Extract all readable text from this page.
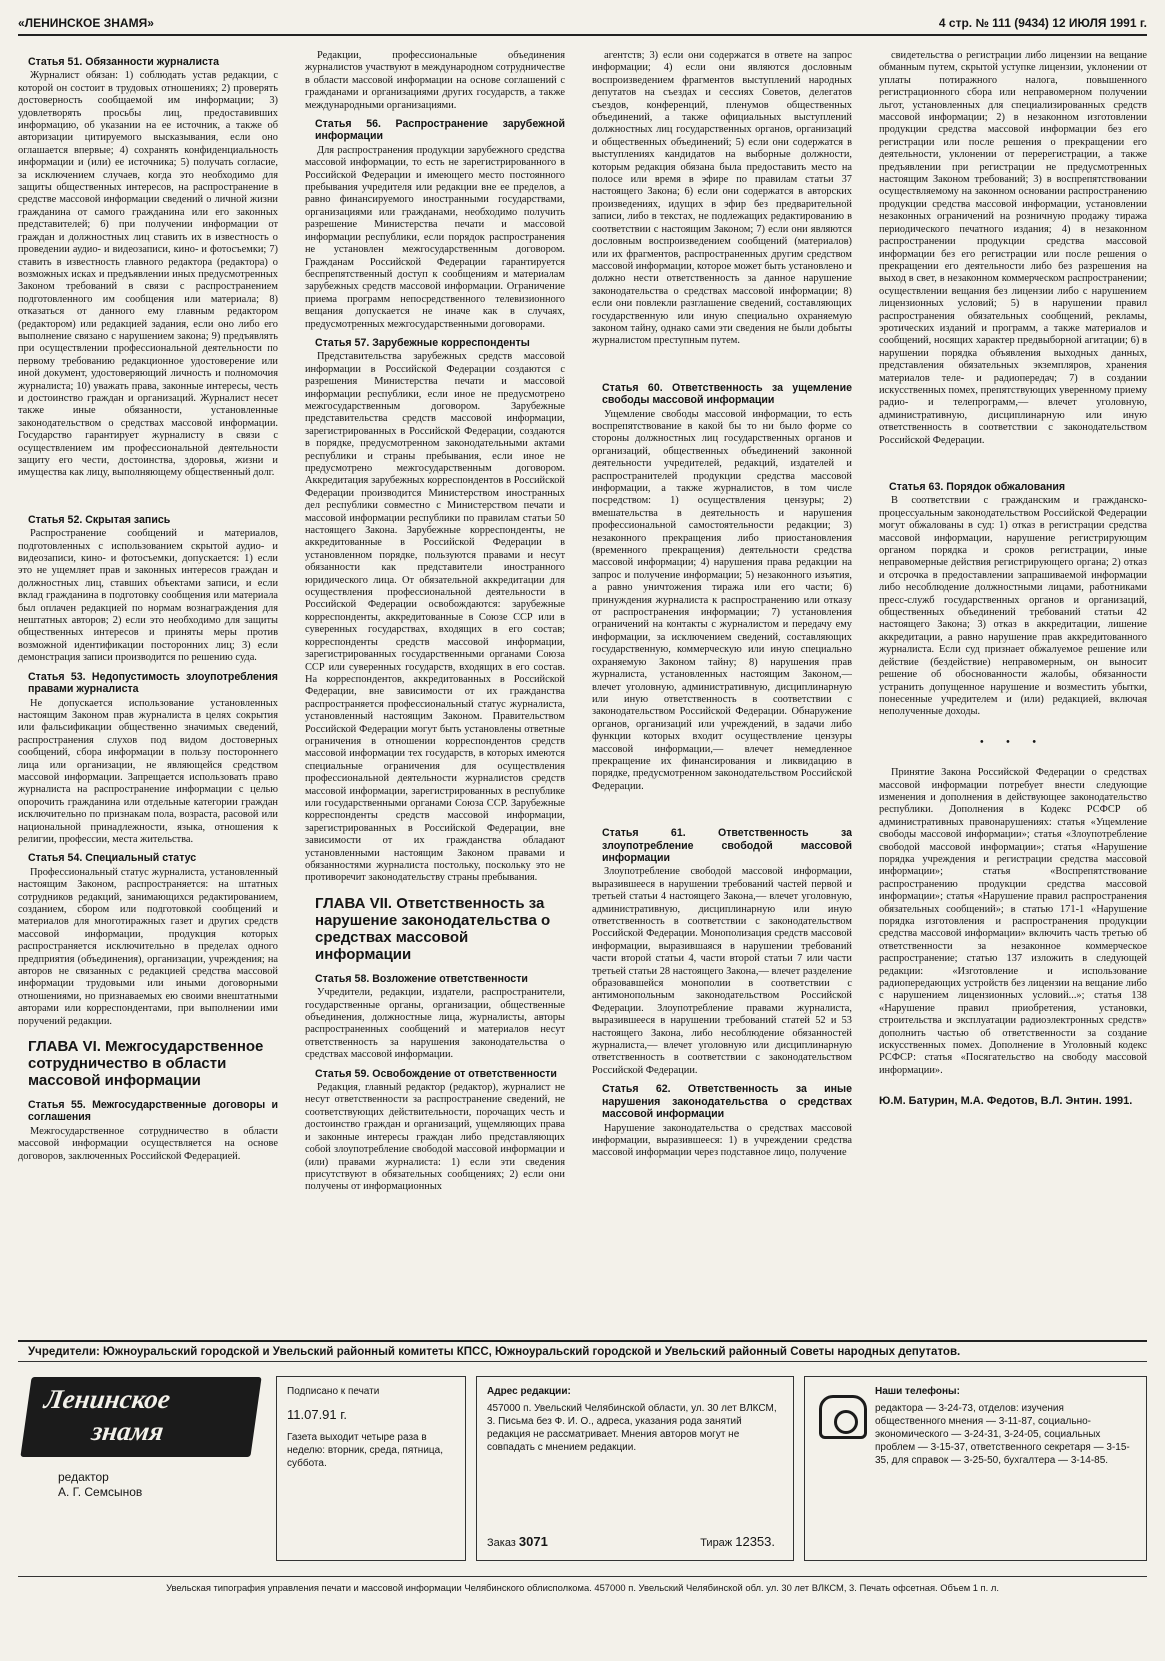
«ЛЕНИНСКОЕ ЗНАМЯ»	4 стр. № 111 (9434) 12 ИЮЛЯ 1991 г.
Статья 51. Обязанности журналиста

Журналист обязан: 1) соблюдать устав редакции, с которой он состоит в трудовых отношениях; 2) проверять достоверность сообщаемой им информации; 3) удовлетворять просьбы лиц, предоставивших информацию, об указании на ее источник, а также об авторизации цитируемого высказывания, если оно оглашается впервые; 4) сохранять конфиденциальность информации и (или) ее источника; 5) получать согласие, за исключением случаев, когда это необходимо для защиты общественных интересов, на распространение в средстве массовой информации сведений о личной жизни гражданина от самого гражданина или его законных представителей; 6) при получении информации от граждан и должностных лиц ставить их в известность о проведении аудио- и видеозаписи, кино- и фотосъемки; 7) ставить в известность главного редактора (редактора) о возможных исках и предъявлении иных предусмотренных Законом требований в связи с распространением подготовленного им сообщения или материала; 8) отказаться от данного ему главным редактором (редактором) или редакцией задания, если оно либо его выполнение связано с нарушением закона; 9) предъявлять при осуществлении профессиональной деятельности по первому требованию редакционное удостоверение или иной документ, удостоверяющий личность и полномочия журналиста; 10) уважать права, законные интересы, честь и достоинство граждан и организаций. Журналист несет также иные обязанности, установленные законодательством о средствах массовой информации. Государство гарантирует журналисту в связи с осуществлением им профессиональной деятельности защиту его чести, достоинства, здоровья, жизни и имущества как лицу, выполняющему общественный долг.

Статья 52. Скрытая запись

Распространение сообщений и материалов, подготовленных с использованием скрытой аудио- и видеозаписи, кино- и фотосъемки, допускается: 1) если это не ущемляет прав и законных интересов граждан и должностных лиц, ставших объектами записи, и если вклад гражданина в подготовку сообщения или материала был оплачен редакцией по нормам вознаграждения для нештатных авторов; 2) если это необходимо для защиты общественных интересов и приняты меры против возможной идентификации посторонних лиц; 3) если демонстрация записи производится по решению суда.

Статья 53. Недопустимость злоупотребления правами журналиста

Не допускается использование установленных настоящим Законом прав журналиста в целях сокрытия или фальсификации общественно значимых сведений, распространения слухов под видом достоверных сообщений, сбора информации в пользу постороннего лица или организации, не являющейся средством массовой информации. Запрещается использовать право журналиста на распространение информации с целью опорочить гражданина или отдельные категории граждан исключительно по признакам пола, возраста, расовой или национальной принадлежности, языка, отношения к религии, профессии, места жительства.

Статья 54. Специальный статус

Профессиональный статус журналиста, установленный настоящим Законом, распространяется: на штатных сотрудников редакций, занимающихся редактированием, созданием, сбором или подготовкой сообщений и материалов для многотиражных газет и других средств массовой информации, продукция которых распространяется исключительно в пределах одного предприятия (объединения), организации, учреждения; на авторов не связанных с редакцией средства массовой информации трудовыми или иными договорными отношениями, но признаваемых ею своими внештатными авторами или корреспондентами, при выполнении ими поручений редакции.

ГЛАВА VI. Межгосударственное сотрудничество в области массовой информации
Статья 55. Межгосударственные договоры и соглашения

Межгосударственное сотрудничество в области массовой информации осуществляется на основе договоров, заключенных Российской Федерацией.

Редакции, профессиональные объединения журналистов участвуют в международном сотрудничестве в области массовой информации на основе соглашений с гражданами и организациями других государств, а также международными организациями.

Статья 56. Распространение зарубежной информации

Для распространения продукции зарубежного средства массовой информации, то есть не зарегистрированного в Российской Федерации и имеющего место постоянного пребывания учредителя или редакции вне ее пределов, а равно финансируемого иностранными государствами, организациями или гражданами, необходимо получить разрешение Министерства печати и массовой информации республики, если порядок распространения не установлен межгосударственным договором. Гражданам Российской Федерации гарантируется беспрепятственный доступ к сообщениям и материалам зарубежных средств массовой информации. Ограничение приема программ непосредственного телевизионного вещания допускается не иначе как в случаях, предусмотренных межгосударственными договорами.

Статья 57. Зарубежные корреспонденты

Представительства зарубежных средств массовой информации в Российской Федерации создаются с разрешения Министерства печати и массовой информации республики, если иное не предусмотрено межгосударственным договором. Зарубежные представительства средств массовой информации, зарегистрированных в Российской Федерации, создаются в порядке, предусмотренном законодательными актами республики и страны пребывания, если иное не предусмотрено межгосударственным договором. Аккредитация зарубежных корреспондентов в Российской Федерации производится Министерством иностранных дел республики совместно с Министерством печати и массовой информации республики по правилам статьи 50 настоящего Закона. Зарубежные корреспонденты, не аккредитованные в Российской Федерации в установленном порядке, пользуются правами и несут обязанности как представители иностранного юридического лица. От обязательной аккредитации для осуществления профессиональной деятельности в Российской Федерации освобождаются: зарубежные корреспонденты, аккредитованные в Союзе ССР или в суверенных государствах, входящих в его состав; корреспонденты средств массовой информации, зарегистрированных государственными органами Союза ССР или суверенных государств, входящих в его состав. На корреспондентов, аккредитованных в Российской Федерации, вне зависимости от их гражданства распространяется профессиональный статус журналиста, установленный настоящим Законом. Правительством Российской Федерации могут быть установлены ответные ограничения в отношении корреспондентов средств массовой информации тех государств, в которых имеются специальные ограничения для осуществления профессиональной деятельности журналистов средств массовой информации, зарегистрированных в республике или государственными органами Союза ССР. Зарубежные корреспонденты средств массовой информации, зарегистрированных в Российской Федерации, вне зависимости от их гражданства обладают установленными настоящим Законом правами и обязанностями журналиста постольку, поскольку это не противоречит законодательству страны пребывания.

ГЛАВА VII. Ответственность за нарушение законодательства о средствах массовой информации
Статья 58. Возложение ответственности

Учредители, редакции, издатели, распространители, государственные органы, организации, общественные объединения, должностные лица, журналисты, авторы распространенных сообщений и материалов несут ответственность за нарушения законодательства о средствах массовой информации.

Статья 59. Освобождение от ответственности

Редакция, главный редактор (редактор), журналист не несут ответственности за распространение сведений, не соответствующих действительности, порочащих честь и достоинство граждан и организаций, ущемляющих права и законные интересы граждан либо представляющих собой злоупотребление свободой массовой информации и (или) правами журналиста: 1) если эти сведения присутствуют в обязательных сообщениях; 2) если они получены от информационных

агентств; 3) если они содержатся в ответе на запрос информации; 4) если они являются дословным воспроизведением фрагментов выступлений народных депутатов на съездах и сессиях Советов, делегатов съездов, конференций, пленумов общественных объединений, а также официальных выступлений должностных лиц государственных органов, организаций и общественных объединений; 5) если они содержатся в выступлениях кандидатов на выборные должности, которым редакция обязана была предоставить место на полосе или время в эфире по правилам статьи 37 настоящего Закона; 6) если они содержатся в авторских произведениях, идущих в эфир без предварительной записи, либо в текстах, не подлежащих редактированию в соответствии с настоящим Законом; 7) если они являются дословным воспроизведением сообщений (материалов) или их фрагментов, распространенных другим средством массовой информации, которое может быть установлено и должно нести ответственность за данное нарушение законодательства о средствах массовой информации; 8) если они повлекли разглашение сведений, составляющих государственную или иную специально охраняемую законом тайну, однако сами эти сведения не были добыты журналистом преступным путем.

Статья 60. Ответственность за ущемление свободы массовой информации

Ущемление свободы массовой информации, то есть воспрепятствование в какой бы то ни было форме со стороны должностных лиц государственных органов и организаций, общественных объединений законной деятельности учредителей, редакций, издателей и распространителей продукции средства массовой информации, а также журналистов, в том числе посредством: 1) осуществления цензуры; 2) вмешательства в деятельность и нарушения профессиональной самостоятельности редакции; 3) незаконного прекращения либо приостановления (временного прекращения) деятельности средства массовой информации; 4) нарушения права редакции на запрос и получение информации; 5) незаконного изъятия, а равно уничтожения тиража или его части; 6) принуждения журналиста к распространению или отказу от распространения информации; 7) установления ограничений на контакты с журналистом и передачу ему информации, за исключением сведений, составляющих государственную, коммерческую или иную специально охраняемую Законом тайну; 8) нарушения прав журналиста, установленных настоящим Законом,— влечет уголовную, административную, дисциплинарную или иную ответственность в соответствии с законодательством Российской Федерации. Обнаружение органов, организаций или учреждений, в задачи либо функции которых входит осуществление цензуры массовой информации,— влечет немедленное прекращение их финансирования и ликвидацию в порядке, предусмотренном законодательством Российской Федерации.

Статья 61. Ответственность за злоупотребление свободой массовой информации

Злоупотребление свободой массовой информации, выразившееся в нарушении требований частей первой и третьей статьи 4 настоящего Закона,— влечет уголовную, административную, дисциплинарную или иную ответственность в соответствии с законодательством Российской Федерации. Монополизация средств массовой информации, выразившаяся в нарушении требований части второй статьи 4, части второй статьи 7 или части третьей статьи 28 настоящего Закона,— влечет разделение образовавшейся монополии в соответствии с антимонопольным законодательством Российской Федерации. Злоупотребление правами журналиста, выразившееся в нарушении требований статей 52 и 53 настоящего Закона, либо несоблюдение обязанностей журналиста,— влечет уголовную или дисциплинарную ответственность в соответствии с законодательством Российской Федерации.

Статья 62. Ответственность за иные нарушения законодательства о средствах массовой информации

Нарушение законодательства о средствах массовой информации, выразившееся: 1) в учреждении средства массовой информации через подставное лицо, получение

свидетельства о регистрации либо лицензии на вещание обманным путем, скрытой уступке лицензии, уклонении от уплаты потиражного налога, повышенного регистрационного сбора или неправомерном получении льгот, установленных для специализированных средств массовой информации; 2) в незаконном изготовлении продукции средства массовой информации без его регистрации или после решения о прекращении его деятельности, уклонении от перерегистрации, а также предъявлении при регистрации не предусмотренных настоящим Законом требований; 3) в воспрепятствовании осуществляемому на законном основании распространению продукции средства массовой информации, установлении незаконных ограничений на розничную продажу тиража периодического печатного издания; 4) в незаконном распространении продукции средства массовой информации без его регистрации или после решения о прекращении его деятельности либо без разрешения на выход в свет, в незаконном коммерческом распространении; осуществлении вещания без лицензии либо с нарушением лицензионных условий; 5) в нарушении правил распространения обязательных сообщений, рекламы, эротических изданий и программ, а также материалов и сообщений, носящих характер предвыборной агитации; 6) в нарушении порядка объявления выходных данных, представления обязательных экземпляров, хранения материалов теле- и радиопередач; 7) в создании искусственных помех, препятствующих уверенному приему радио- и телепрограмм,— влечет уголовную, административную, дисциплинарную или иную ответственность в соответствии с законодательством Российской Федерации.

Статья 63. Порядок обжалования

В соответствии с гражданским и гражданско-процессуальным законодательством Российской Федерации могут обжалованы в суд: 1) отказ в регистрации средства массовой информации, нарушение регистрирующим органом порядка и сроков регистрации, иные неправомерные действия регистрирующего органа; 2) отказ и отсрочка в предоставлении запрашиваемой информации либо несоблюдение должностными лицами, работниками пресс-служб государственных органов и организаций, общественных объединений требований статьи 42 настоящего Закона; 3) отказ в аккредитации, лишение аккредитации, а равно нарушение прав аккредитованного журналиста. Если суд признает обжалуемое решение или действие (бездействие) неправомерным, он выносит решение об обоснованности жалобы, обязанности устранить допущенное нарушение и возместить убытки, понесенные учредителем и (или) редакцией, включая неполученные доходы.

• • •

Принятие Закона Российской Федерации о средствах массовой информации потребует внести следующие изменения и дополнения в действующее законодательство республики. Дополнения в Кодекс РСФСР об административных правонарушениях: статья «Ущемление свободы массовой информации»; статья «Злоупотребление свободой массовой информации»; статья «Нарушение порядка учреждения и регистрации средства массовой информации»; статья «Воспрепятствование распространению продукции средства массовой информации»; статья «Нарушение правил распространения обязательных сообщений»; в статью 171-1 «Нарушение порядка изготовления и распространения продукции средства массовой информации» включить часть третью об ответственности за незаконное коммерческое распространение; статью 137 изложить в следующей редакции: «Изготовление и использование радиопередающих устройств без лицензии на вещание либо с нарушением лицензионных условий...»; статья 138 «Нарушение правил приобретения, установки, строительства и эксплуатации радиоэлектронных средств» дополнить частью об ответственности за создание искусственных помех. Дополнение в Уголовный кодекс РСФСР: статья «Посягательство на свободу массовой информации».

Ю.М. Батурин, М.А. Федотов, В.Л. Энтин. 1991.

Учредители: Южноуральский городской и Увельский районный комитеты КПСС, Южноуральский городской и Увельский районный Советы народных депутатов.
Ленинское
знамя
редактор
А. Г. Семсынов
Подписано к печати
11.07.91 г.
Газета выходит четыре раза в неделю: вторник, среда, пятница, суббота.
Адрес редакции:
457000 п. Увельский Челябинской области, ул. 30 лет ВЛКСМ, 3. Письма без Ф. И. О., адреса, указания рода занятий редакция не рассматривает. Мнения авторов могут не совпадать с мнением редакции.
Заказ 3071	Тираж 12353.
Наши телефоны:
редактора — 3-24-73, отделов: изучения общественного мнения — 3-11-87, социально-экономического — 3-24-31, 3-24-05, социальных проблем — 3-15-37, ответственного секретаря — 3-15-35, для справок — 3-25-50, бухгалтера — 3-14-85.
Увельская типография управления печати и массовой информации Челябинского облисполкома. 457000 п. Увельский Челябинской обл. ул. 30 лет ВЛКСМ, 3. Печать офсетная. Объем 1 п. л.
